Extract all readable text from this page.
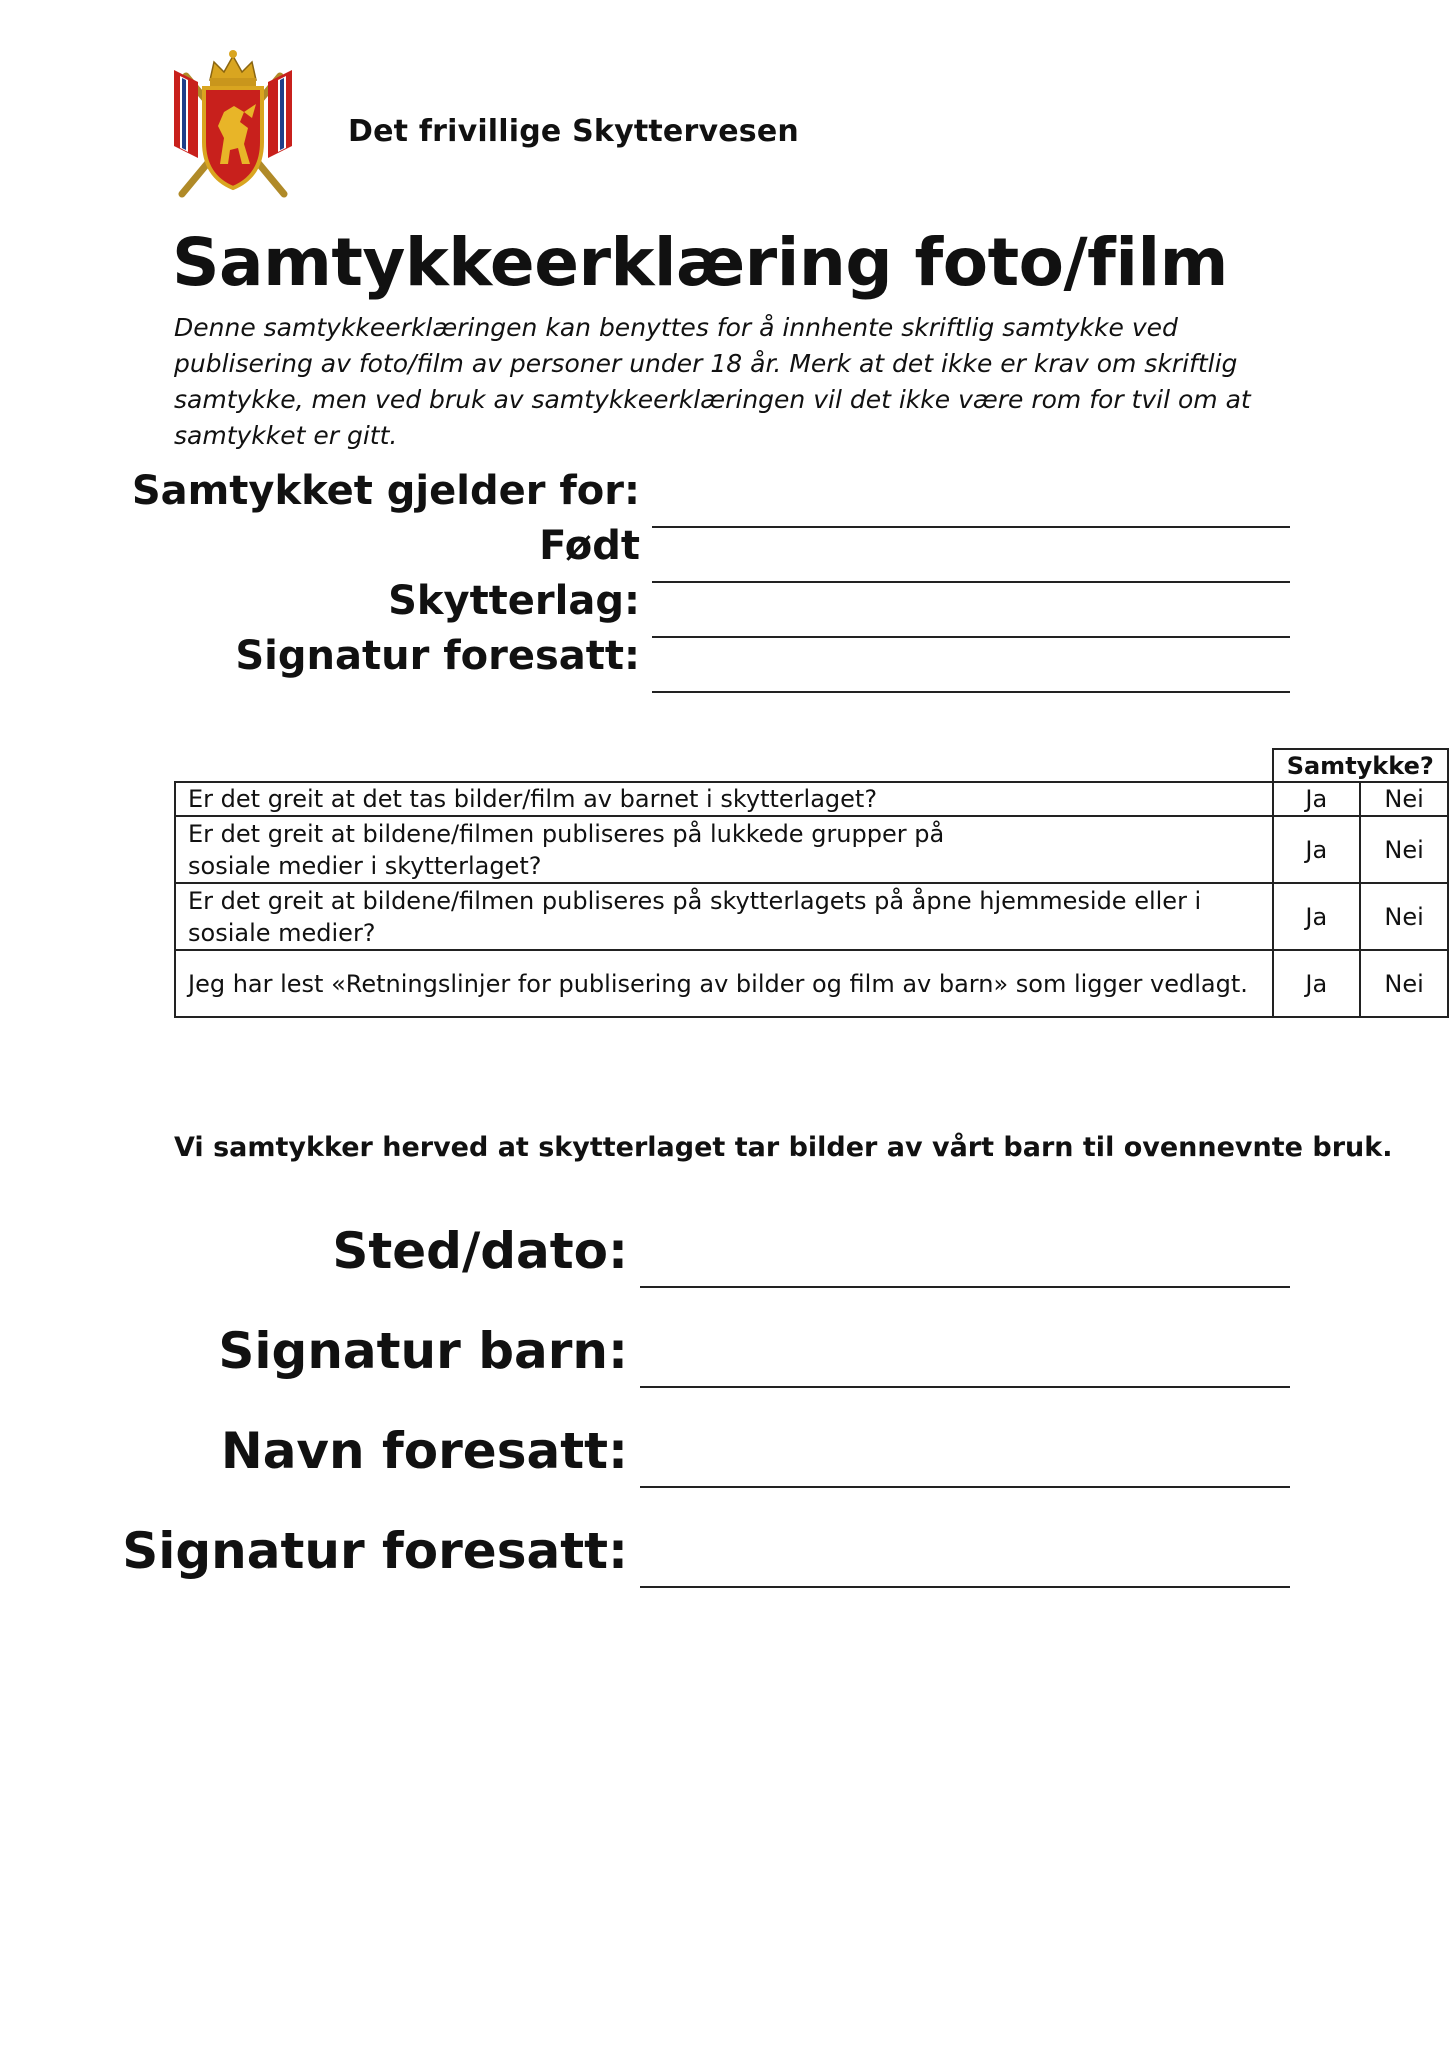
Det frivillige Skyttervesen
Samtykkeerklæring foto/film

Denne samtykkeerklæringen kan benyttes for å innhente skriftlig samtykke ved publisering av foto/film av personer under 18 år. Merk at det ikke er krav om skriftlig samtykke, men ved bruk av samtykkeerklæringen vil det ikke være rom for tvil om at samtykket er gitt.

Samtykket gjelder for:
Født
Skytterlag:
Signatur foresatt:
	Samtykke?	
Er det greit at det tas bilder/film av barnet i skytterlaget?	Ja	Nei
Er det greit at bildene/filmen publiseres på lukkede grupper på sosiale medier i skytterlaget?	Ja	Nei
Er det greit at bildene/filmen publiseres på skytterlagets på åpne hjemmeside eller i sosiale medier?	Ja	Nei
Jeg har lest «Retningslinjer for publisering av bilder og film av barn» som ligger vedlagt.	Ja	Nei

Vi samtykker herved at skytterlaget tar bilder av vårt barn til ovennevnte bruk.

Sted/dato:
Signatur barn:
Navn foresatt:
Signatur foresatt:
